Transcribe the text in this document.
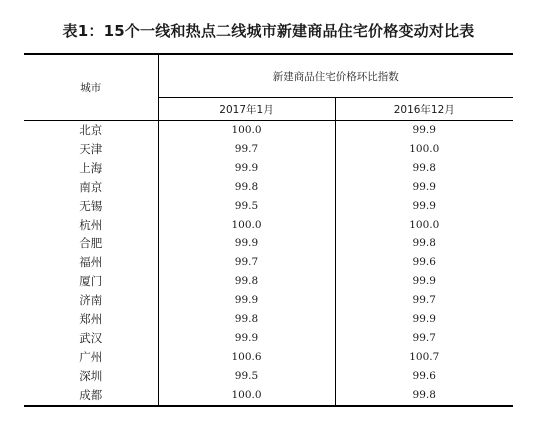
表1：15个一线和热点二线城市新建商品住宅价格变动对比表
城市	新建商品住宅价格环比指数	
	2017年1月	2016年12月
北京	100.0	99.9
天津	99.7	100.0
上海	99.9	99.8
南京	99.8	99.9
无锡	99.5	99.9
杭州	100.0	100.0
合肥	99.9	99.8
福州	99.7	99.6
厦门	99.8	99.9
济南	99.9	99.7
郑州	99.8	99.9
武汉	99.9	99.7
广州	100.6	100.7
深圳	99.5	99.6
成都	100.0	99.8
